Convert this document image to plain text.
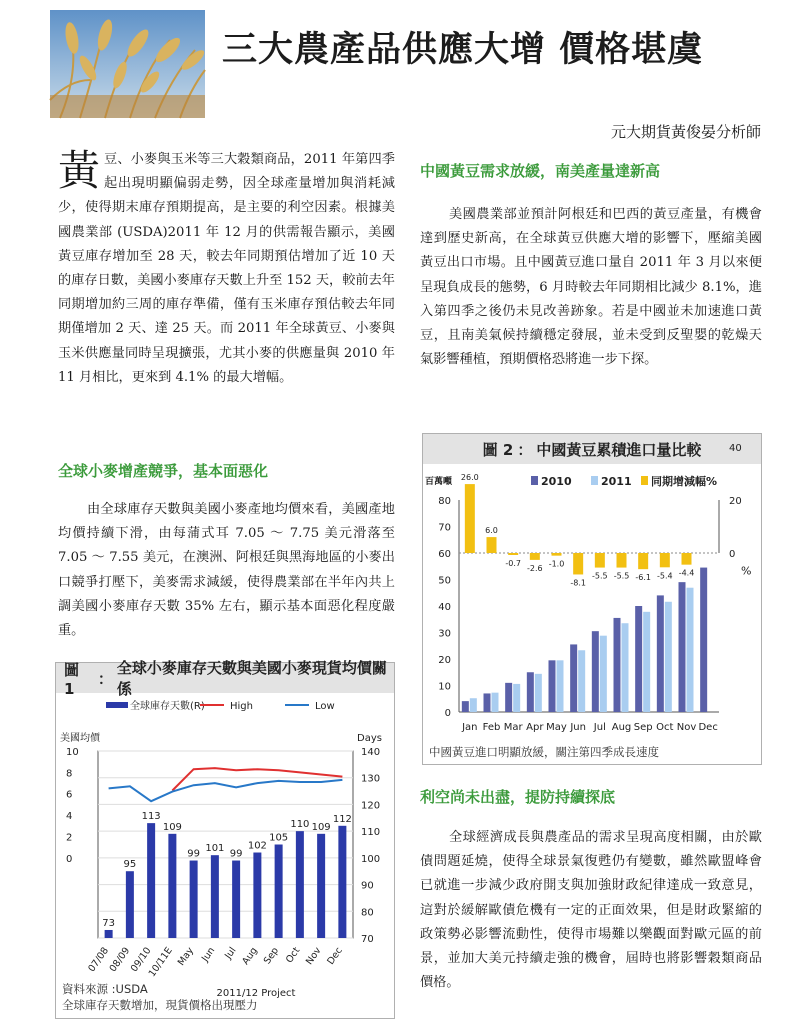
三大農產品供應大增 價格堪虞
元大期貨黃俊晏分析師
黃豆、小麥與玉米等三大穀類商品，2011 年第四季起出現明顯偏弱走勢，因全球產量增加與消耗減少，使得期末庫存預期提高，是主要的利空因素。根據美國農業部 (USDA)2011 年 12 月的供需報告顯示，美國黃豆庫存增加至 28 天，較去年同期預估增加了近 10 天的庫存日數，美國小麥庫存天數上升至 152 天，較前去年同期增加約三周的庫存準備，僅有玉米庫存預估較去年同期僅增加 2 天、達 25 天。而 2011 年全球黃豆、小麥與玉米供應量同時呈現擴張，尤其小麥的供應量與 2010 年 11 月相比，更來到 4.1% 的最大增幅。
全球小麥增產競爭，基本面惡化
由全球庫存天數與美國小麥產地均價來看，美國產地均價持續下滑，由每蒲式耳 7.05 ～ 7.75 美元滑落至 7.05 ～ 7.55 美元，在澳洲、阿根廷與黑海地區的小麥出口競爭打壓下，美麥需求減緩，使得農業部在半年內共上調美國小麥庫存天數 35% 左右，顯示基本面惡化程度嚴重。
中國黃豆需求放緩，南美產量達新高
美國農業部並預計阿根廷和巴西的黃豆產量，有機會達到歷史新高，在全球黃豆供應大增的影響下，壓縮美國黃豆出口市場。且中國黃豆進口量自 2011 年 3 月以來便呈現負成長的態勢，6 月時較去年同期相比減少 8.1%，進入第四季之後仍未見改善跡象。若是中國並未加速進口黃豆，且南美氣候持續穩定發展，並未受到反聖嬰的乾燥天氣影響種植，預期價格恐將進一步下探。
利空尚未出盡，提防持續探底
全球經濟成長與農產品的需求呈現高度相關，由於歐債問題延燒，使得全球景氣復甦仍有變數，雖然歐盟峰會已就進一步減少政府開支與加強財政紀律達成一致意見，這對於緩解歐債危機有一定的正面效果，但是財政緊縮的政策勢必影響流動性，使得市場難以樂觀面對歐元區的前景，並加大美元持續走強的機會，屆時也將影響穀類商品價格。
圖 1
：
全球小麥庫存天數與美國小麥現貨均價關係
70
80
90
100
110
120
130
140
0
2
4
6
8
10
美國均價	Days
73
95
113
109
99 101 99
102
105
110 109
112
07/08
08/09
09/10
10/11E May Jun Jul Aug Sep Oct Nov Dec
2011/12 Project
全球庫存天數(R)	High	Low
資料來源 :USDA
全球庫存天數增加，現貨價格出現壓力
圖 2 ： 中國黃豆累積進口量比較
0
10
20
30
40
50
60
70
80
0
20
40
%
百萬噸 26.0
Jan
6.0
Feb
-0.7
Mar
-2.6
Apr
-1.0
May
-8.1
Jun
-5.5
Jul
-5.5
Aug
-6.1
Sep
-5.4
Oct
-4.4
Nov Dec
2010	2011 同期增減幅%
中國黃豆進口明顯放緩，關注第四季成長速度
